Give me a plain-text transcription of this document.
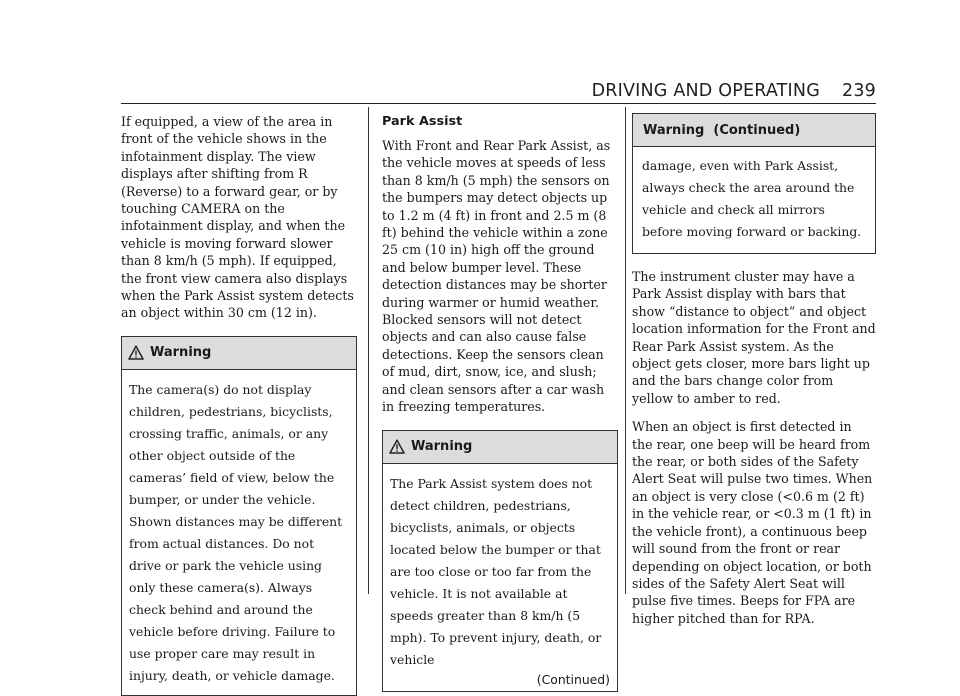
DRIVING AND OPERATING 239

If equipped, a view of the area in front of the vehicle shows in the infotainment display. The view displays after shifting from R (Reverse) to a forward gear, or by touching CAMERA on the infotainment display, and when the vehicle is moving forward slower than 8 km/h (5 mph). If equipped, the front view camera also displays when the Park Assist system detects an object within 30 cm (12 in).

Warning

The camera(s) do not display children, pedestrians, bicyclists, crossing traffic, animals, or any other object outside of the cameras’ field of view, below the bumper, or under the vehicle. Shown distances may be different from actual distances. Do not drive or park the vehicle using only these camera(s). Always check behind and around the vehicle before driving. Failure to use proper care may result in injury, death, or vehicle damage.

Park Assist

With Front and Rear Park Assist, as the vehicle moves at speeds of less than 8 km/h (5 mph) the sensors on the bumpers may detect objects up to 1.2 m (4 ft) in front and 2.5 m (8 ft) behind the vehicle within a zone 25 cm (10 in) high off the ground and below bumper level. These detection distances may be shorter during warmer or humid weather. Blocked sensors will not detect objects and can also cause false detections. Keep the sensors clean of mud, dirt, snow, ice, and slush; and clean sensors after a car wash in freezing temperatures.

Warning

The Park Assist system does not detect children, pedestrians, bicyclists, animals, or objects located below the bumper or that are too close or too far from the vehicle. It is not available at speeds greater than 8 km/h (5 mph). To prevent injury, death, or vehicle

(Continued)
Warning  (Continued)

damage, even with Park Assist, always check the area around the vehicle and check all mirrors before moving forward or backing.

The instrument cluster may have a Park Assist display with bars that show “distance to object” and object location information for the Front and Rear Park Assist system. As the object gets closer, more bars light up and the bars change color from yellow to amber to red.

When an object is first detected in the rear, one beep will be heard from the rear, or both sides of the Safety Alert Seat will pulse two times. When an object is very close (<0.6 m (2 ft) in the vehicle rear, or <0.3 m (1 ft) in the vehicle front), a continuous beep will sound from the front or rear depending on object location, or both sides of the Safety Alert Seat will pulse five times. Beeps for FPA are higher pitched than for RPA.
